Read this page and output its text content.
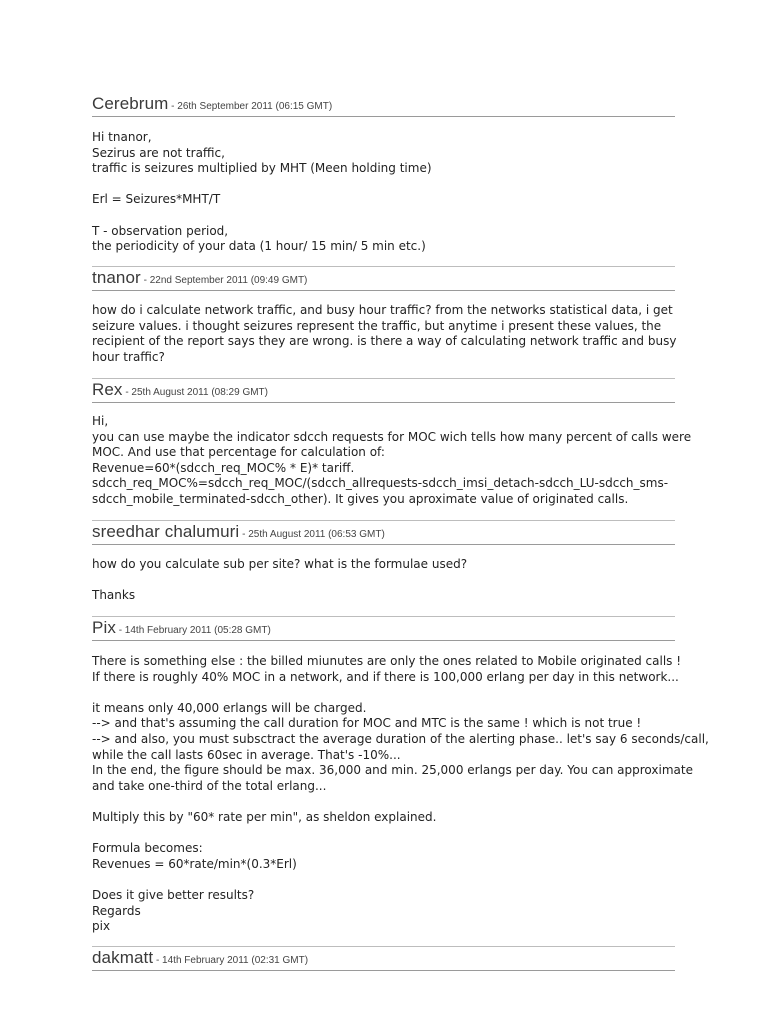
Cerebrum - 26th September 2011 (06:15 GMT)
Hi tnanor,
Sezirus are not traffic,
traffic is seizures multiplied by MHT (Meen holding time)
Erl = Seizures*MHT/T
T - observation period,
the periodicity of your data (1 hour/ 15 min/ 5 min etc.)
tnanor - 22nd September 2011 (09:49 GMT)
how do i calculate network traffic, and busy hour traffic? from the networks statistical data, i get
seizure values. i thought seizures represent the traffic, but anytime i present these values, the
recipient of the report says they are wrong. is there a way of calculating network traffic and busy
hour traffic?
Rex - 25th August 2011 (08:29 GMT)
Hi,
you can use maybe the indicator sdcch requests for MOC wich tells how many percent of calls were
MOC. And use that percentage for calculation of:
Revenue=60*(sdcch_req_MOC% * E)* tariff.
sdcch_req_MOC%=sdcch_req_MOC/(sdcch_allrequests-sdcch_imsi_detach-sdcch_LU-sdcch_sms-
sdcch_mobile_terminated-sdcch_other). It gives you aproximate value of originated calls.
sreedhar chalumuri - 25th August 2011 (06:53 GMT)
how do you calculate sub per site? what is the formulae used?
Thanks
Pix - 14th February 2011 (05:28 GMT)
There is something else : the billed miunutes are only the ones related to Mobile originated calls !
If there is roughly 40% MOC in a network, and if there is 100,000 erlang per day in this network...
it means only 40,000 erlangs will be charged.
--> and that's assuming the call duration for MOC and MTC is the same ! which is not true !
--> and also, you must subsctract the average duration of the alerting phase.. let's say 6 seconds/call,
while the call lasts 60sec in average. That's -10%...
In the end, the figure should be max. 36,000 and min. 25,000 erlangs per day. You can approximate
and take one-third of the total erlang...
Multiply this by "60* rate per min", as sheldon explained.
Formula becomes:
Revenues = 60*rate/min*(0.3*Erl)
Does it give better results?
Regards
pix
dakmatt - 14th February 2011 (02:31 GMT)
